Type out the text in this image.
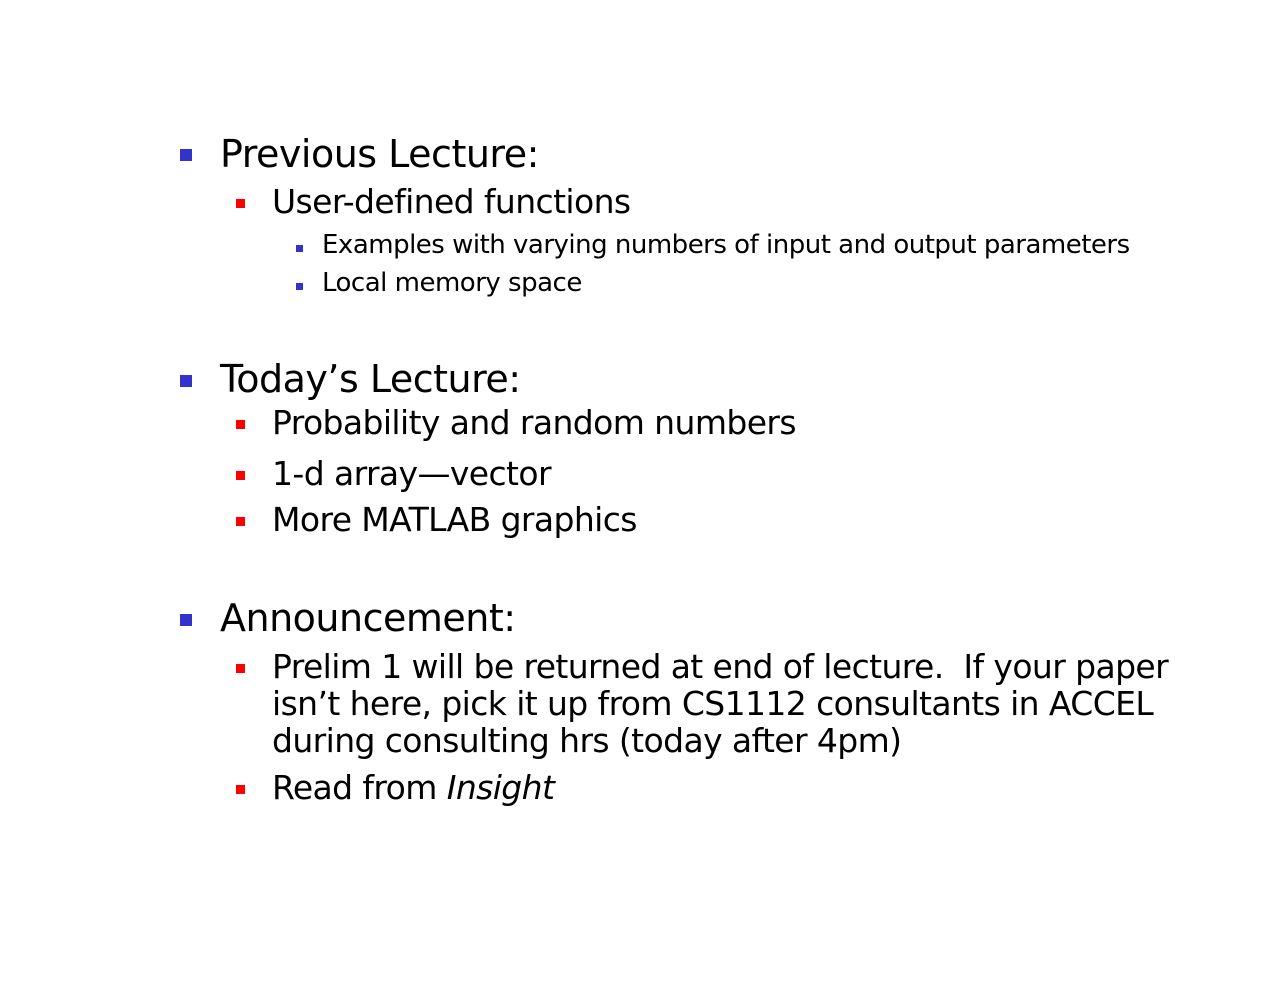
Previous Lecture:
User-defined functions
Examples with varying numbers of input and output parameters
Local memory space
Today’s Lecture:
Probability and random numbers
1-d array—vector
More MATLAB graphics
Announcement:
Prelim 1 will be returned at end of lecture.  If your paper isn’t here, pick it up from CS1112 consultants in ACCEL during consulting hrs (today after 4pm)
Read from Insight
